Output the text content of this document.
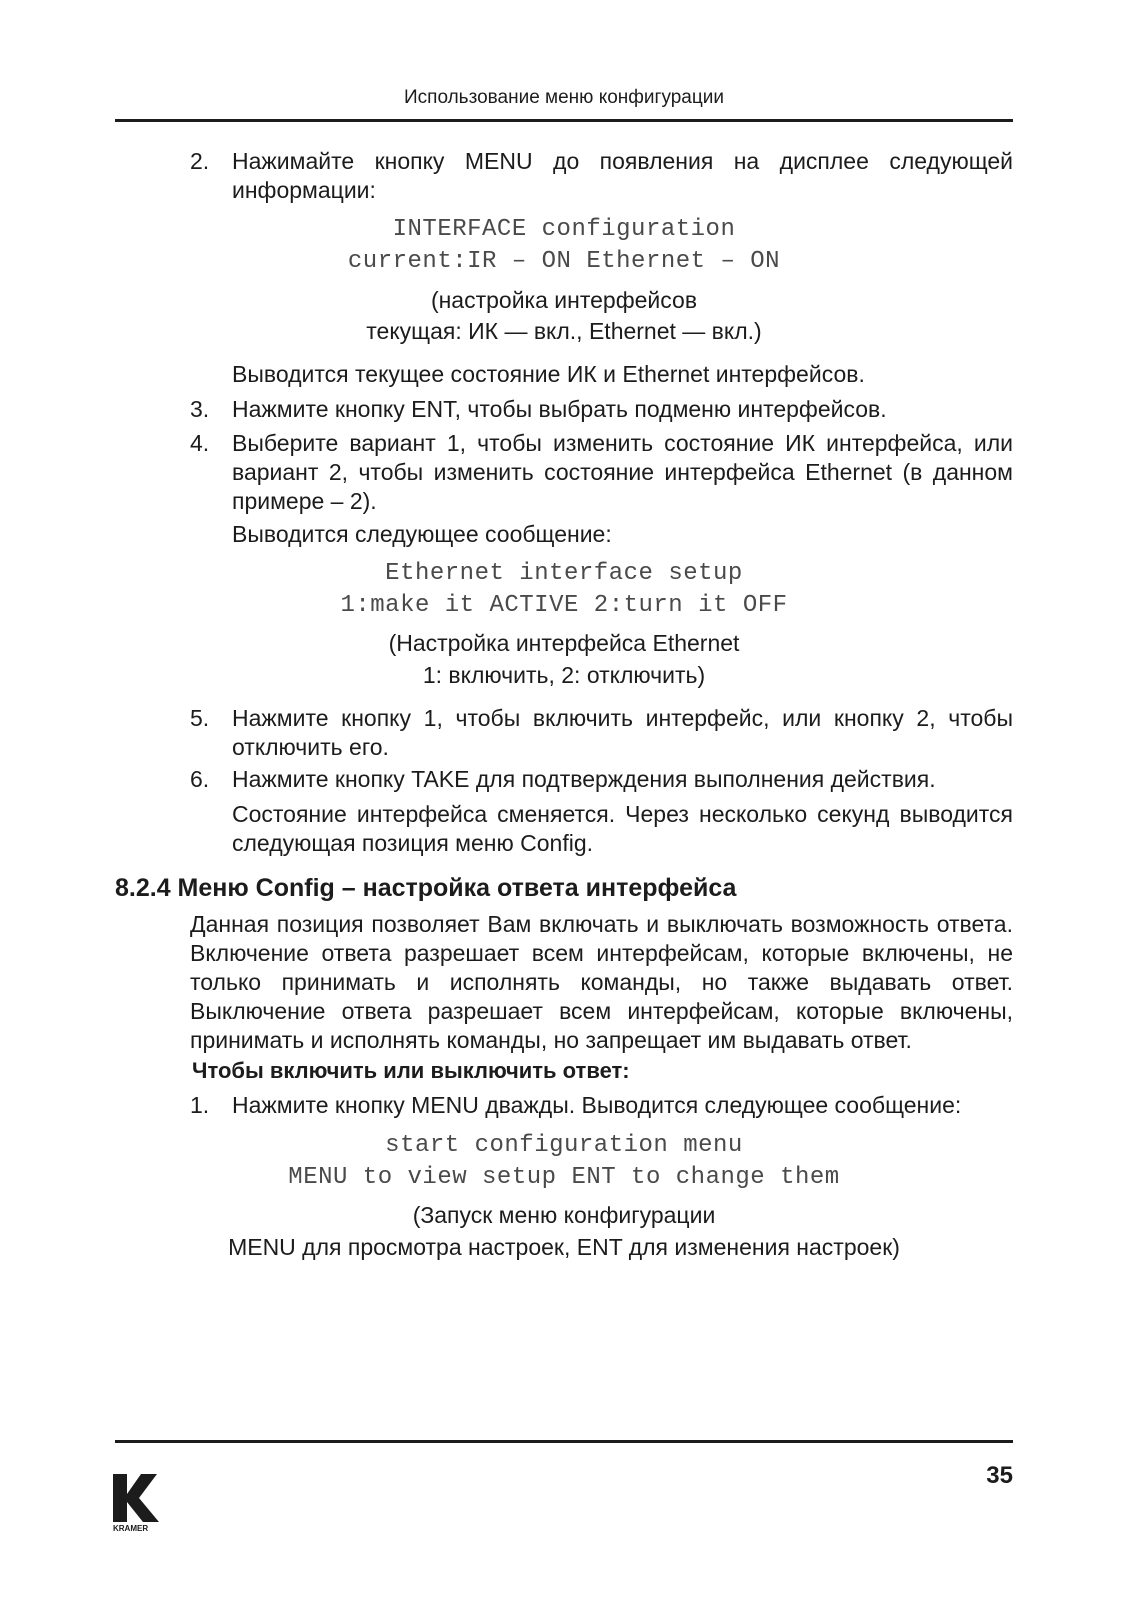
Использование меню конфигурации
2. Нажимайте кнопку MENU до появления на дисплее следующей информации:

INTERFACE configuration
current:IR – ON Ethernet – ON
(настройка интерфейсов
текущая: ИК — вкл., Ethernet — вкл.)

Выводится текущее состояние ИК и Ethernet интерфейсов.

3. Нажмите кнопку ENT, чтобы выбрать подменю интерфейсов.

4. Выберите вариант 1, чтобы изменить состояние ИК интерфейса, или вариант 2, чтобы изменить состояние интерфейса Ethernet (в данном примере – 2).

Выводится следующее сообщение:

Ethernet interface setup
1:make it ACTIVE 2:turn it OFF
(Настройка интерфейса Ethernet
1: включить, 2: отключить)
5. Нажмите кнопку 1, чтобы включить интерфейс, или кнопку 2, чтобы отключить его.

6. Нажмите кнопку TAKE для подтверждения выполнения действия.

Состояние интерфейса сменяется. Через несколько секунд выводится следующая позиция меню Config.

8.2.4 Меню Config – настройка ответа интерфейса

Данная позиция позволяет Вам включать и выключать возможность ответа. Включение ответа разрешает всем интерфейсам, которые включены, не только принимать и исполнять команды, но также выдавать ответ. Выключение ответа разрешает всем интерфейсам, которые включены, принимать и исполнять команды, но запрещает им выдавать ответ.

Чтобы включить или выключить ответ:
1. Нажмите кнопку MENU дважды. Выводится следующее сообщение:

start configuration menu
MENU to view setup ENT to change them
(Запуск меню конфигурации
MENU для просмотра настроек, ENT для изменения настроек)
KRAMER
35
